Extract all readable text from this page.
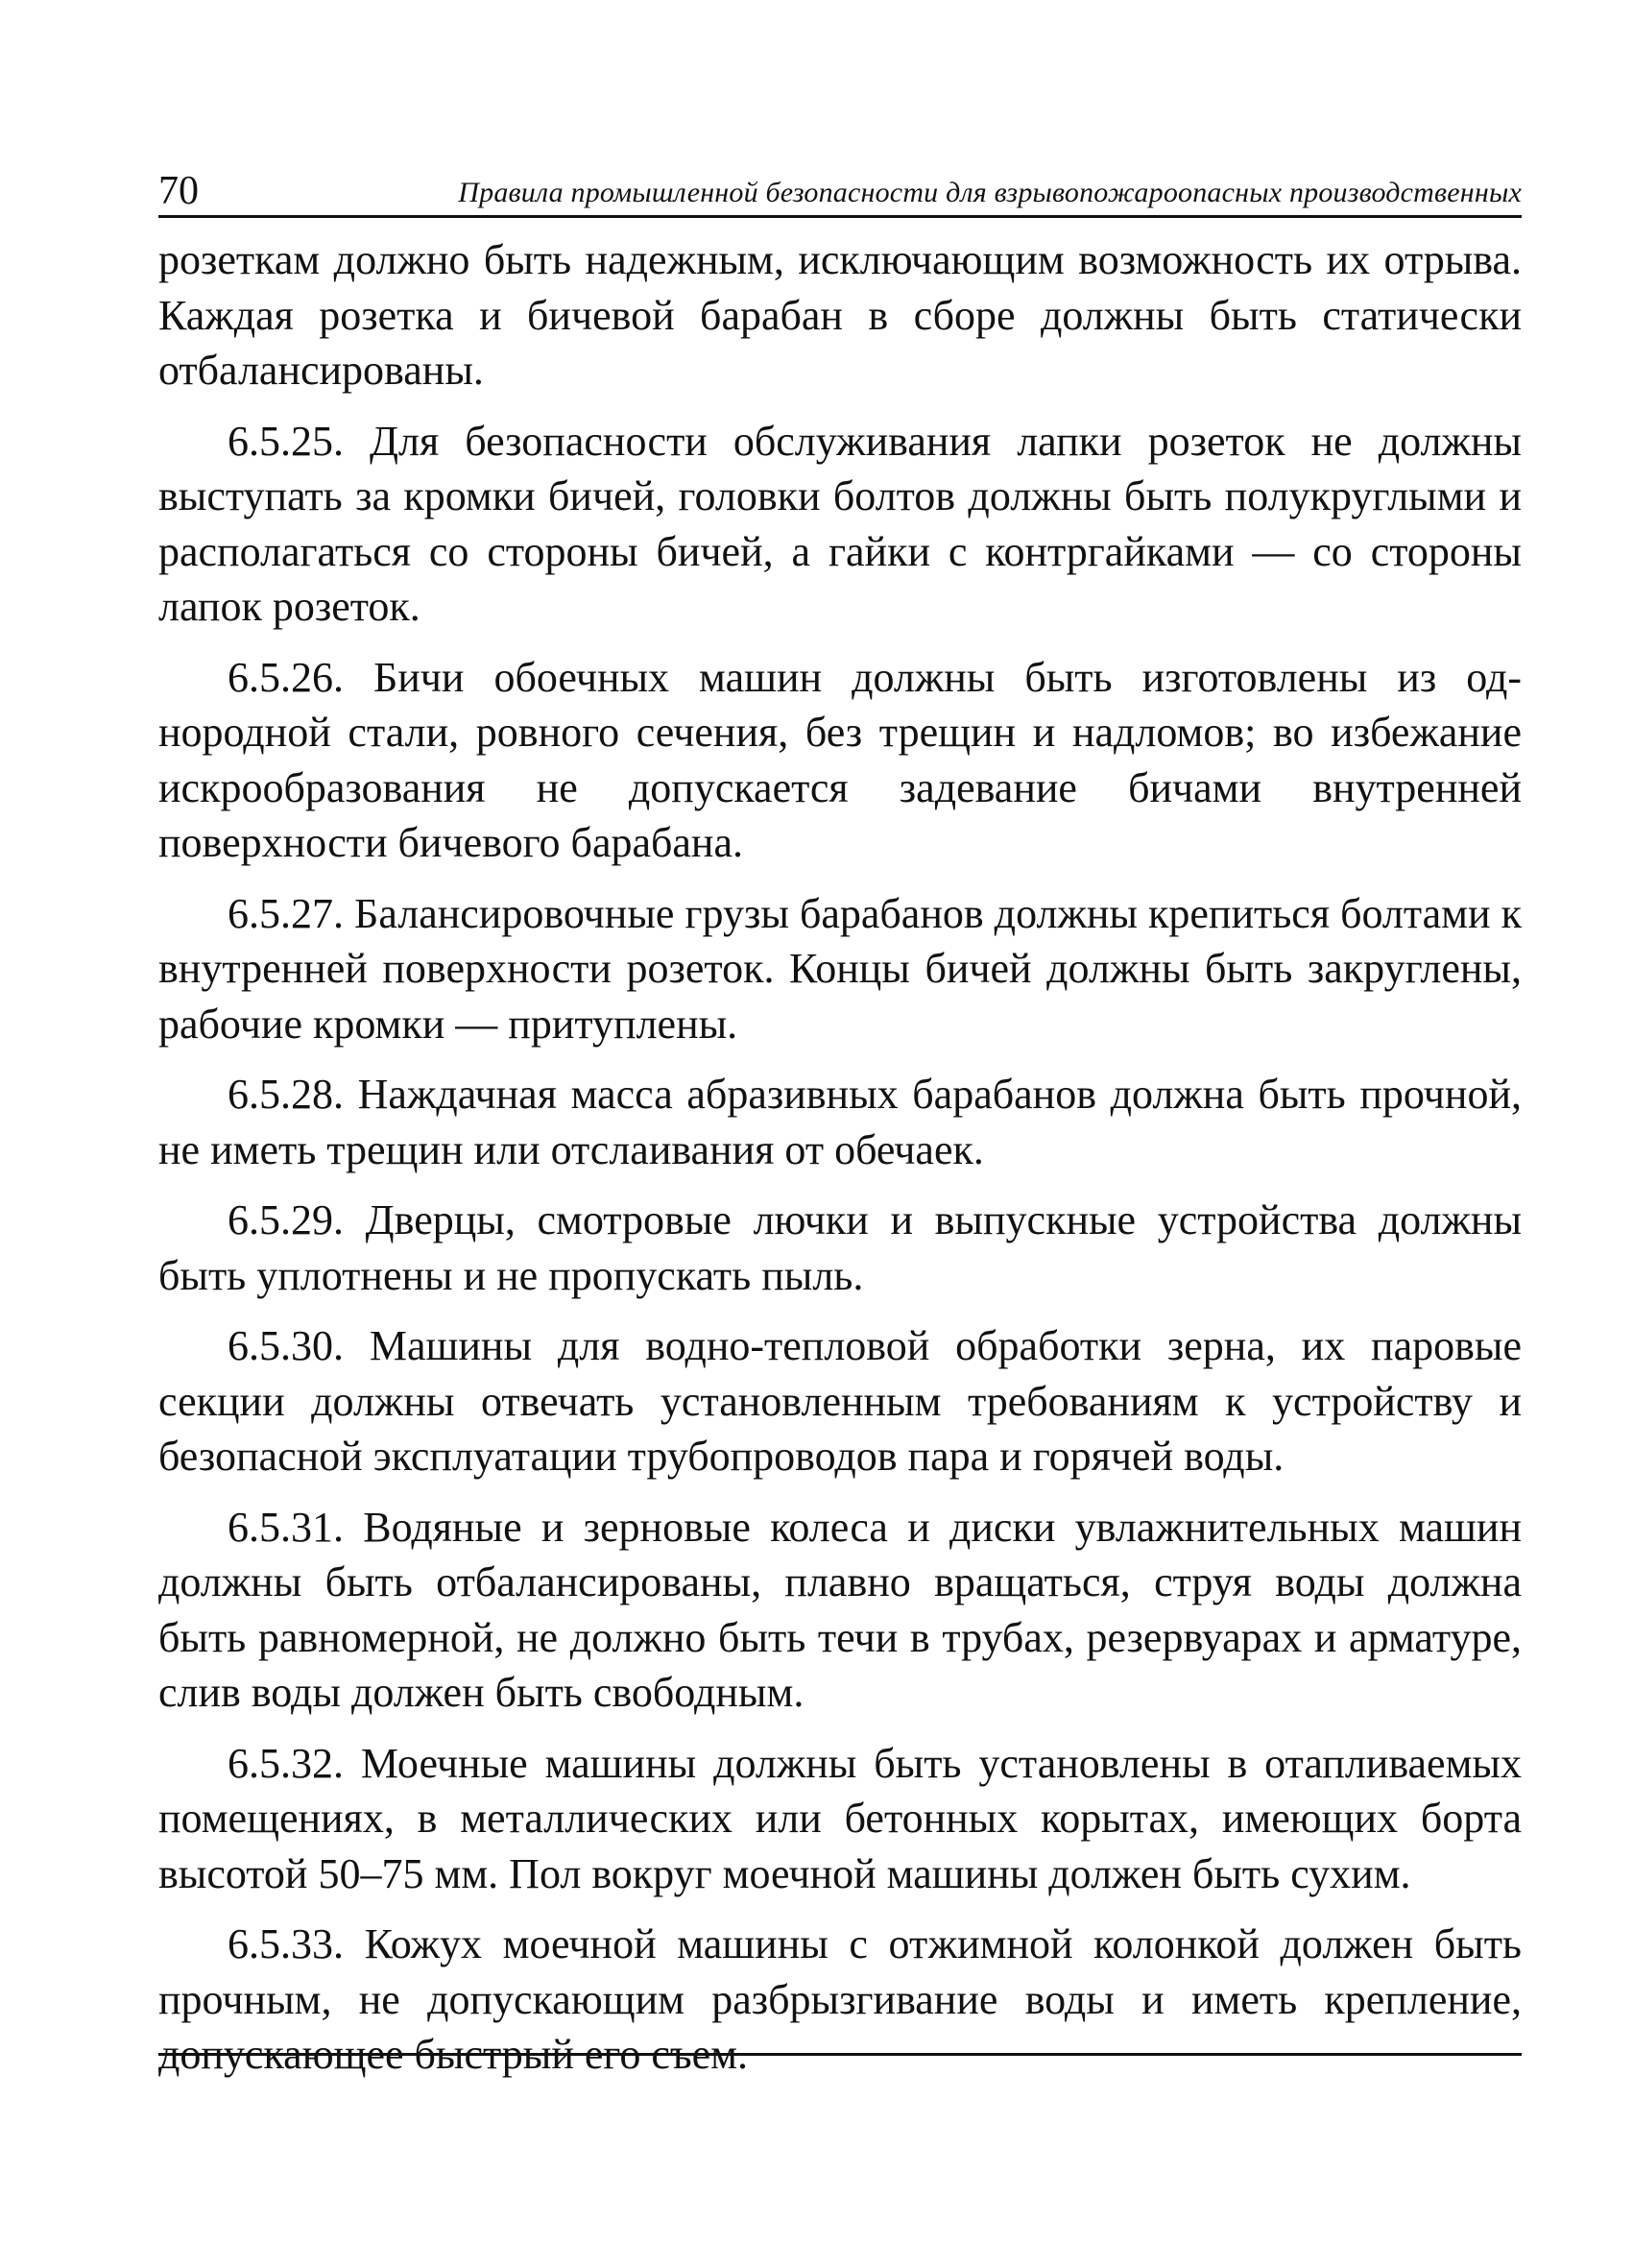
70	Правила промышленной безопасности для взрывопожароопасных производственных

розеткам должно быть надежным, исключающим возможность их отрыва. Каждая розетка и бичевой барабан в сборе должны быть статически отбалансированы.

6.5.25. Для безопасности обслуживания лапки розеток не должны выступать за кромки бичей, головки болтов должны быть полукруглыми и располагаться со стороны бичей, а гайки с контргайками — со стороны лапок розеток.

6.5.26. Бичи обоечных машин должны быть изготовлены из однородной стали, ровного сечения, без трещин и надломов; во избежание искрообразования не допускается задевание бичами внутренней поверхности бичевого барабана.

6.5.27. Балансировочные грузы барабанов должны крепиться болтами к внутренней поверхности розеток. Концы бичей должны быть закруглены, рабочие кромки — притуплены.

6.5.28. Наждачная масса абразивных барабанов должна быть прочной, не иметь трещин или отслаивания от обечаек.

6.5.29. Дверцы, смотровые лючки и выпускные устройства должны быть уплотнены и не пропускать пыль.

6.5.30. Машины для водно-тепловой обработки зерна, их паровые секции должны отвечать установленным требованиям к устройству и безопасной эксплуатации трубопроводов пара и горячей воды.

6.5.31. Водяные и зерновые колеса и диски увлажнительных машин должны быть отбалансированы, плавно вращаться, струя воды должна быть равномерной, не должно быть течи в трубах, резервуарах и арматуре, слив воды должен быть свободным.

6.5.32. Моечные машины должны быть установлены в отапливаемых помещениях, в металлических или бетонных корытах, имеющих борта высотой 50–75 мм. Пол вокруг моечной машины должен быть сухим.

6.5.33. Кожух моечной машины с отжимной колонкой должен быть прочным, не допускающим разбрызгивание воды и иметь крепление, допускающее быстрый его съем.
